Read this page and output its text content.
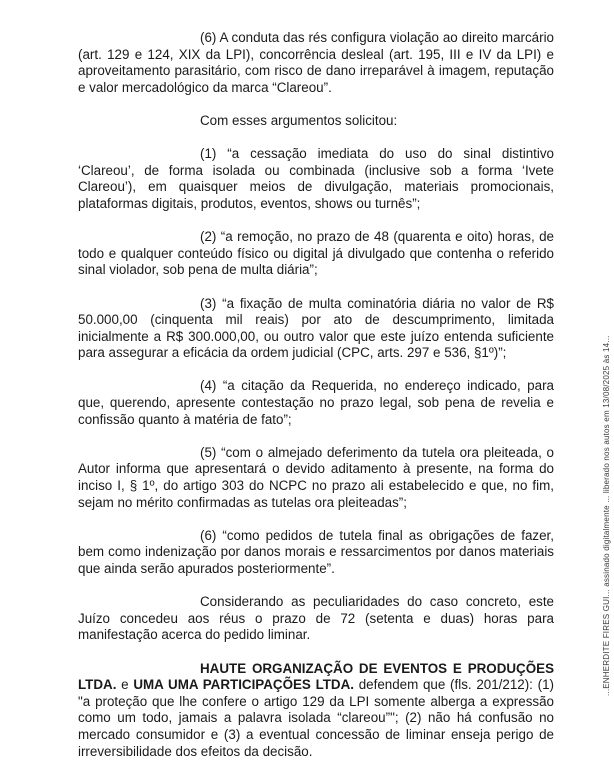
(6) A conduta das rés configura violação ao direito marcário (art. 129 e 124, XIX da LPI), concorrência desleal (art. 195, III e IV da LPI) e aproveitamento parasitário, com risco de dano irreparável à imagem, reputação e valor mercadológico da marca “Clareou”.

Com esses argumentos solicitou:

(1) “a cessação imediata do uso do sinal distintivo ‘Clareou’, de forma isolada ou combinada (inclusive sob a forma ‘Ivete Clareou’), em quaisquer meios de divulgação, materiais promocionais, plataformas digitais, produtos, eventos, shows ou turnês”;

(2) “a remoção, no prazo de 48 (quarenta e oito) horas, de todo e qualquer conteúdo físico ou digital já divulgado que contenha o referido sinal violador, sob pena de multa diária”;

(3) “a fixação de multa cominatória diária no valor de R$ 50.000,00 (cinquenta mil reais) por ato de descumprimento, limitada inicialmente a R$ 300.000,00, ou outro valor que este juízo entenda suficiente para assegurar a eficácia da ordem judicial (CPC, arts. 297 e 536, §1º)”;

(4) “a citação da Requerida, no endereço indicado, para que, querendo, apresente contestação no prazo legal, sob pena de revelia e confissão quanto à matéria de fato”;

(5) “com o almejado deferimento da tutela ora pleiteada, o Autor informa que apresentará o devido aditamento à presente, na forma do inciso I, § 1º, do artigo 303 do NCPC no prazo ali estabelecido e que, no fim, sejam no mérito confirmadas as tutelas ora pleiteadas”;

(6) “como pedidos de tutela final as obrigações de fazer, bem como indenização por danos morais e ressarcimentos por danos materiais que ainda serão apurados posteriormente”.

Considerando as peculiaridades do caso concreto, este Juízo concedeu aos réus o prazo de 72 (setenta e duas) horas para manifestação acerca do pedido liminar.

HAUTE ORGANIZAÇÃO DE EVENTOS E PRODUÇÕES LTDA. e UMA UMA PARTICIPAÇÕES LTDA. defendem que (fls. 201/212): (1) "a proteção que lhe confere o artigo 129 da LPI somente alberga a expressão como um todo, jamais a palavra isolada “clareou”"; (2) não há confusão no mercado consumidor e (3) a eventual concessão de liminar enseja perigo de irreversibilidade dos efeitos da decisão.

...ENHERDITE FIRES GUI... assinado digitalmente ... liberado nos autos em 13/08/2025 às 14...
